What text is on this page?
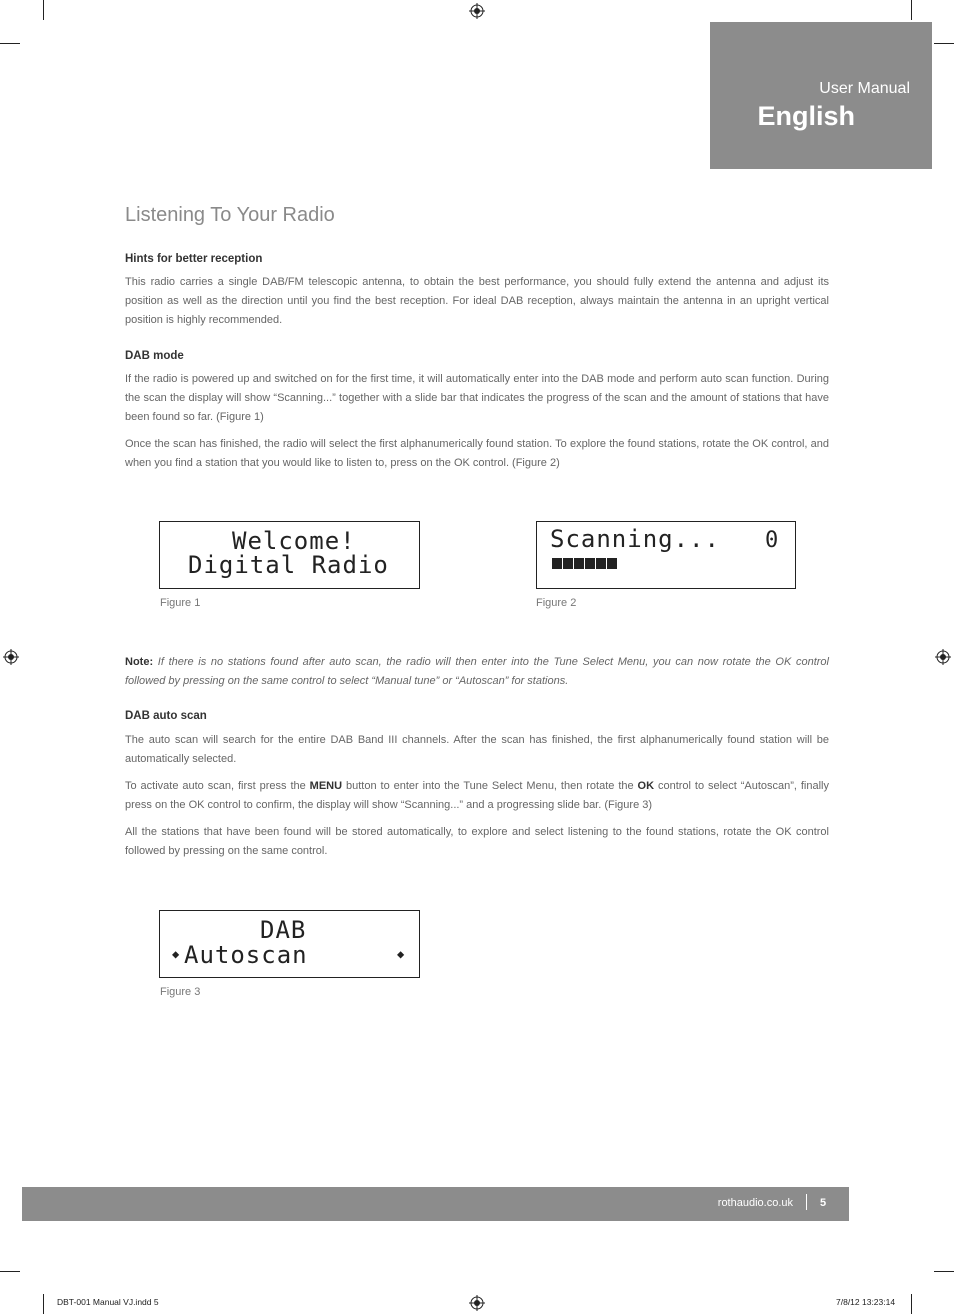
User Manual
English
Listening To Your Radio
Hints for better reception
This radio carries a single DAB/FM telescopic antenna, to obtain the best performance, you should fully extend the antenna and adjust its position as well as the direction until you find the best reception. For ideal DAB reception, always maintain the antenna in an upright vertical position is highly recommended.
DAB mode
If the radio is powered up and switched on for the first time, it will automatically enter into the DAB mode and perform auto scan function. During the scan the display will show “Scanning...” together with a slide bar that indicates the progress of the scan and the amount of stations that have been found so far. (Figure 1)
Once the scan has finished, the radio will select the first alphanumerically found station. To explore the found stations, rotate the OK control, and when you find a station that you would like to listen to, press on the OK control. (Figure 2)
Welcome!
Digital Radio
Figure 1
Scanning... 0
Figure 2
Note: If there is no stations found after auto scan, the radio will then enter into the Tune Select Menu, you can now rotate the OK control followed by pressing on the same control to select “Manual tune” or “Autoscan” for stations.
DAB auto scan
The auto scan will search for the entire DAB Band III channels. After the scan has finished, the first alphanumerically found station will be automatically selected.
To activate auto scan, first press the MENU button to enter into the Tune Select Menu, then rotate the OK control to select “Autoscan”, finally press on the OK control to confirm, the display will show “Scanning...” and a progressing slide bar. (Figure 3)
All the stations that have been found will be stored automatically, to explore and select listening to the found stations, rotate the OK control followed by pressing on the same control.
DAB
◆ Autoscan	◆
Figure 3
rothaudio.co.uk 5
DBT-001 Manual VJ.indd 5	7/8/12 13:23:14
